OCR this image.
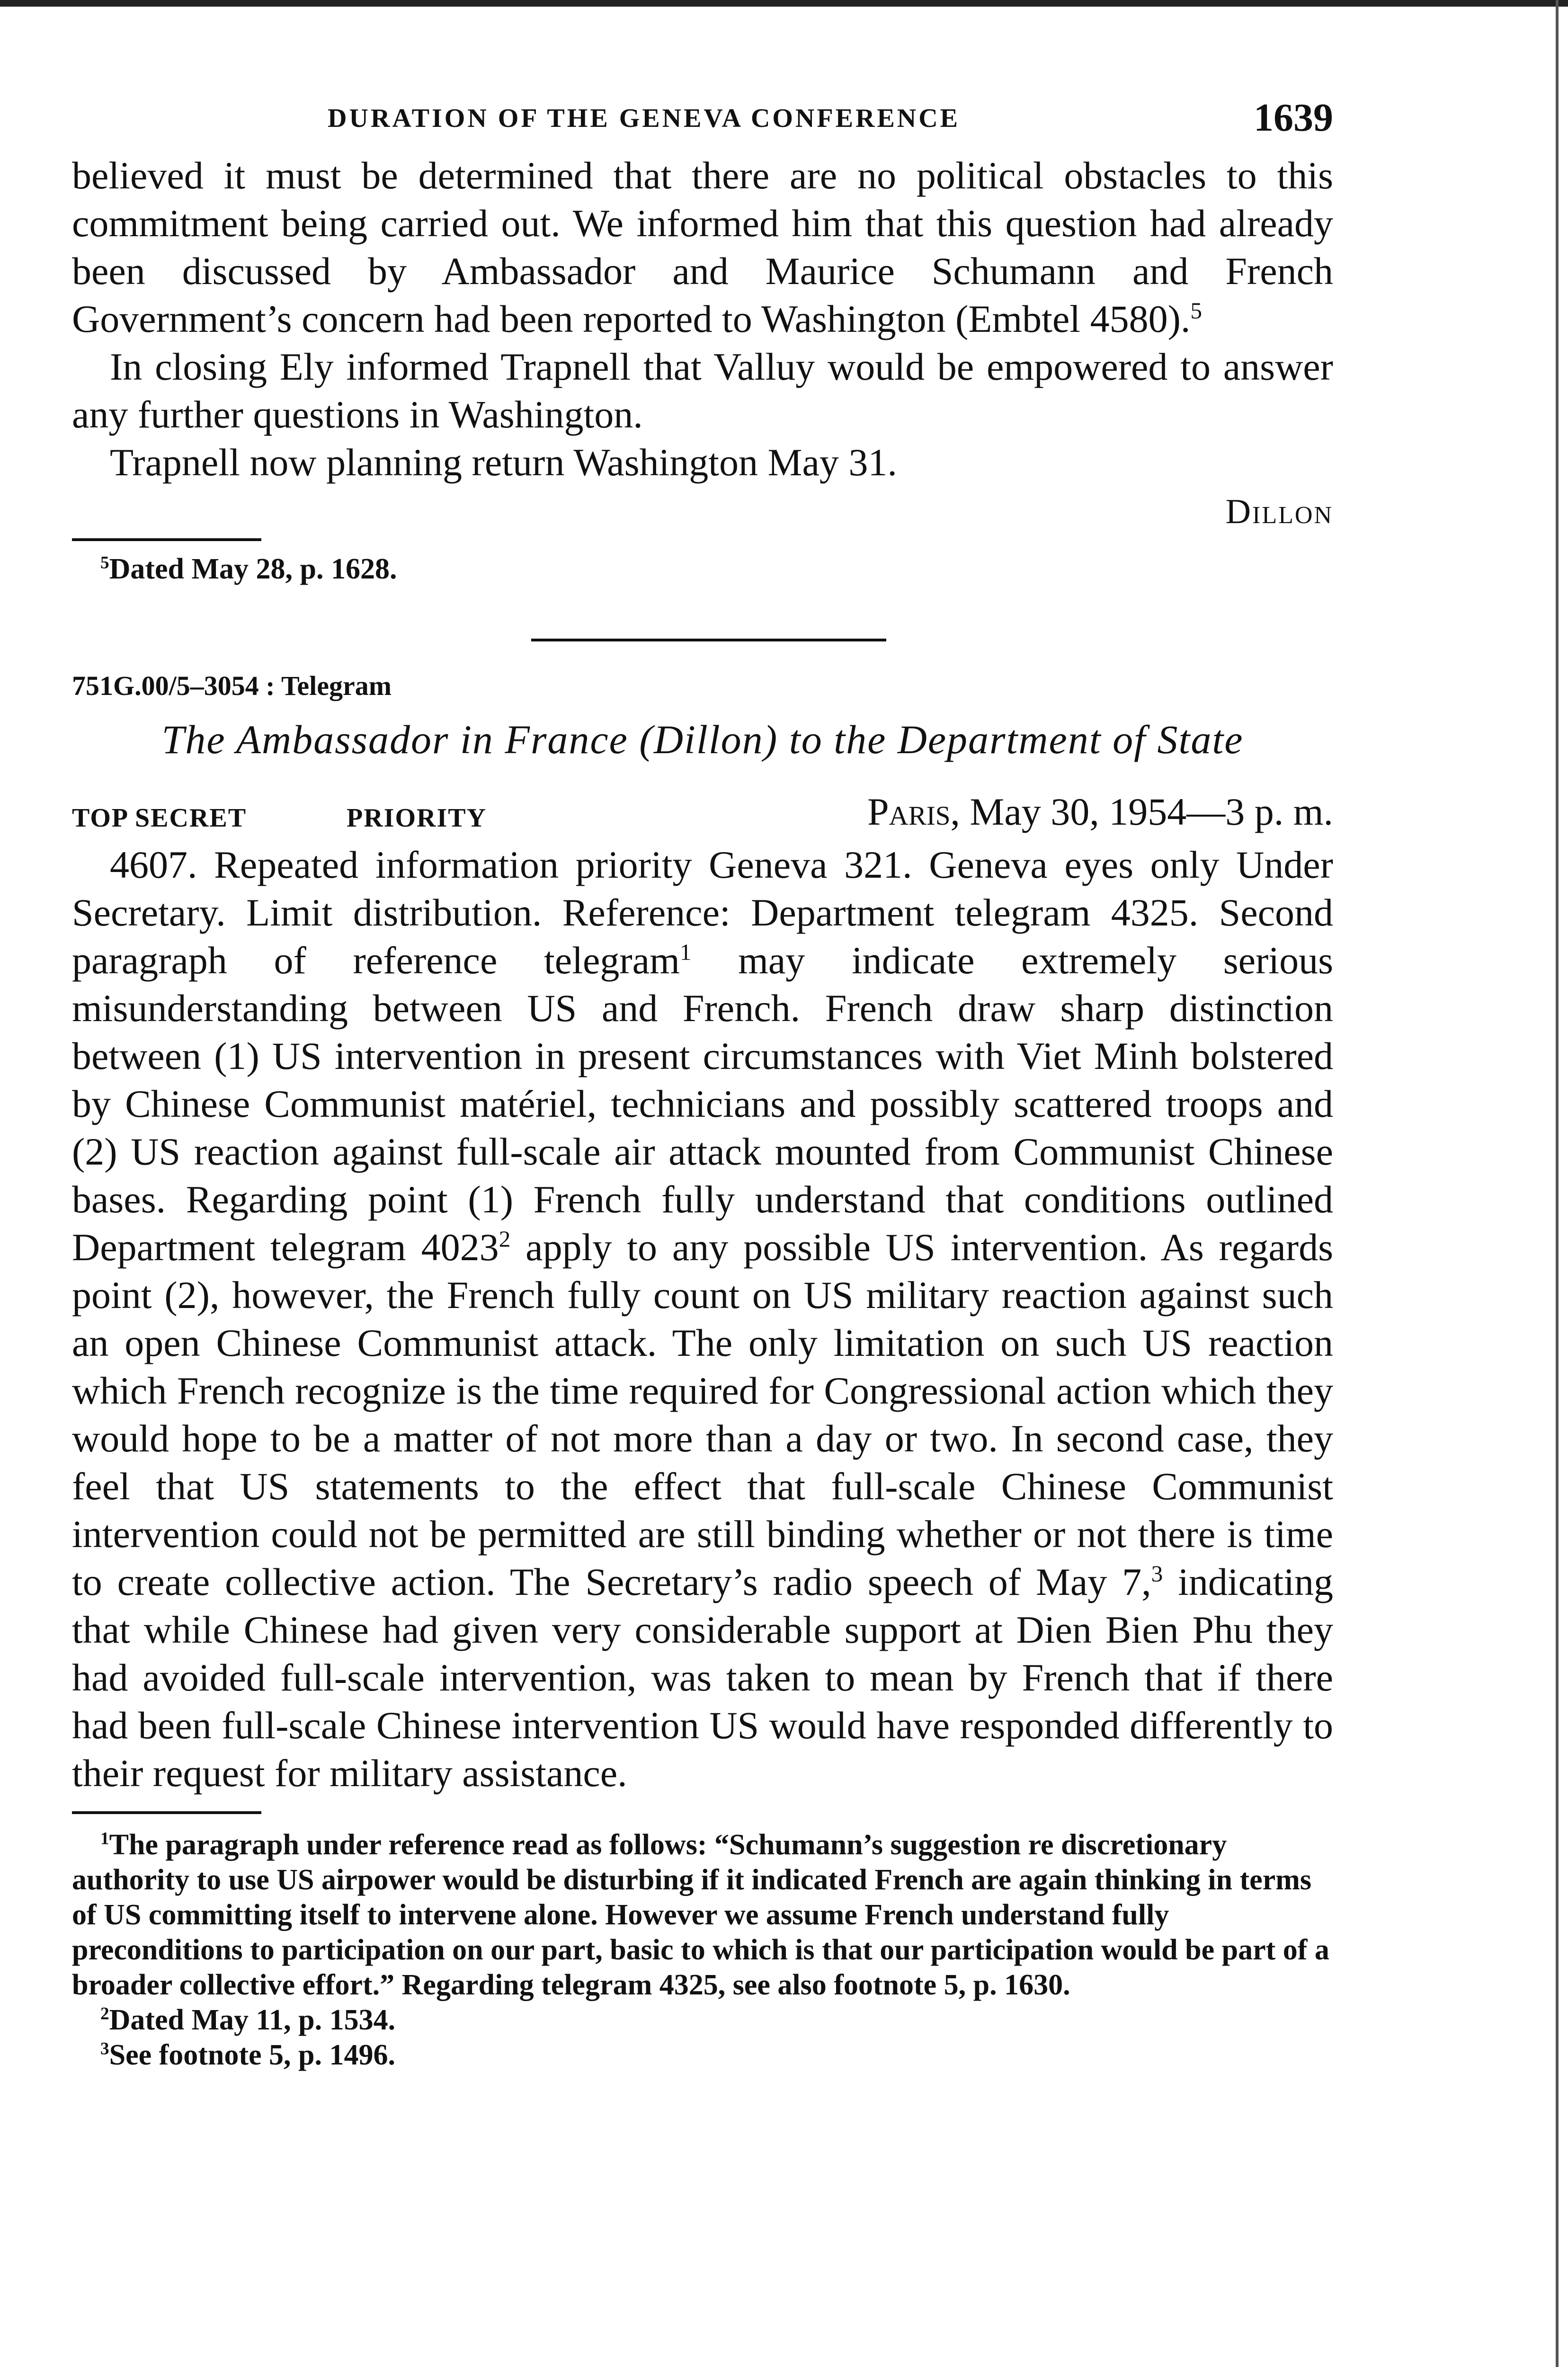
DURATION OF THE GENEVA CONFERENCE	1639

believed it must be determined that there are no political obstacles to this commitment being carried out. We informed him that this question had already been discussed by Ambassador and Maurice Schumann and French Government’s concern had been reported to Washington (Embtel 4580).$^5$

In closing Ely informed Trapnell that Valluy would be empowered to answer any further questions in Washington.

Trapnell now planning return Washington May 31.

Dillon

$^5$Dated May 28, p. 1628.

751G.00/5–3054 : Telegram
The Ambassador in France (Dillon) to the Department of State
TOP SECRET	PRIORITY	Paris, May 30, 1954—3 p. m.

4607. Repeated information priority Geneva 321. Geneva eyes only Under Secretary. Limit distribution. Reference: Department telegram 4325. Second paragraph of reference telegram$^1$ may indicate extremely serious misunderstanding between US and French. French draw sharp distinction between (1) US intervention in present circumstances with Viet Minh bolstered by Chinese Communist matériel, technicians and possibly scattered troops and (2) US reaction against full-scale air attack mounted from Communist Chinese bases. Regarding point (1) French fully understand that conditions outlined Department telegram 4023$^2$ apply to any possible US intervention. As regards point (2), however, the French fully count on US military reaction against such an open Chinese Communist attack. The only limitation on such US reaction which French recognize is the time required for Congressional action which they would hope to be a matter of not more than a day or two. In second case, they feel that US statements to the effect that full-scale Chinese Communist intervention could not be permitted are still binding whether or not there is time to create collective action. The Secretary’s radio speech of May 7,$^3$ indicating that while Chinese had given very considerable support at Dien Bien Phu they had avoided full-scale intervention, was taken to mean by French that if there had been full-scale Chinese intervention US would have responded differently to their request for military assistance.

$^1$The paragraph under reference read as follows: “Schumann’s suggestion re discretionary authority to use US airpower would be disturbing if it indicated French are again thinking in terms of US committing itself to intervene alone. However we assume French understand fully preconditions to participation on our part, basic to which is that our participation would be part of a broader collective effort.” Regarding telegram 4325, see also footnote 5, p. 1630.

$^2$Dated May 11, p. 1534.

$^3$See footnote 5, p. 1496.
